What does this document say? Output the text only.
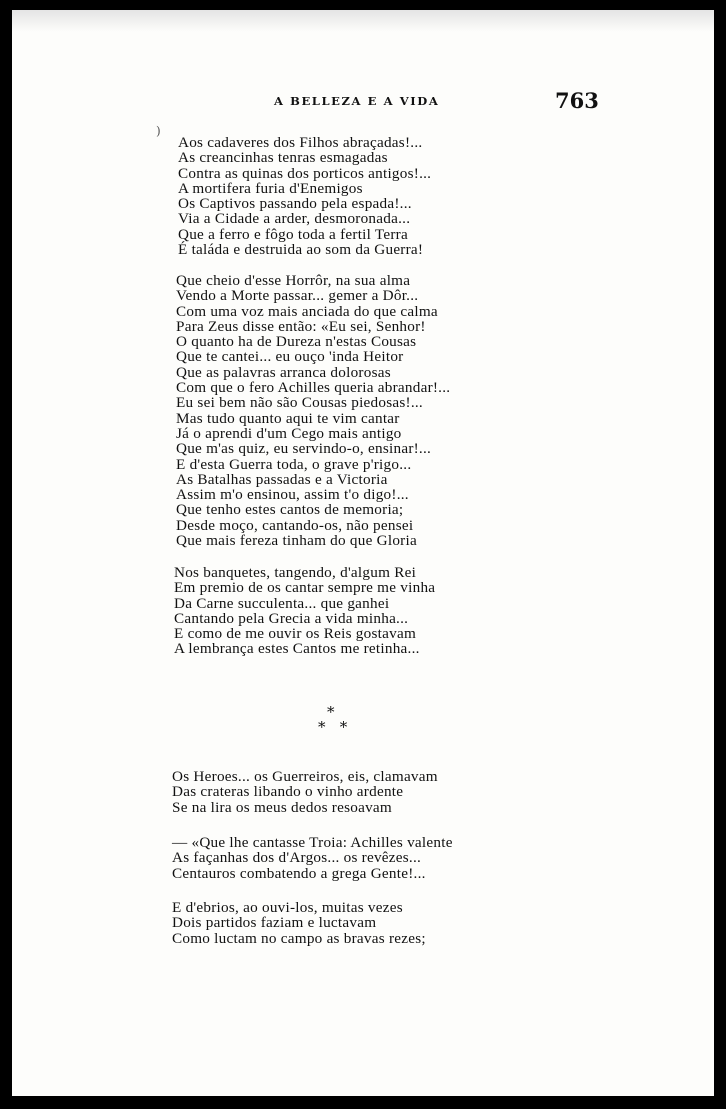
A BELLEZA E A VIDA	763
)
Aos cadaveres dos Filhos abraçadas!...
As creancinhas tenras esmagadas
Contra as quinas dos porticos antigos!...
A mortifera furia d'Enemigos
Os Captivos passando pela espada!...
Via a Cidade a arder, desmoronada...
Que a ferro e fôgo toda a fertil Terra
É taláda e destruida ao som da Guerra!
Que cheio d'esse Horrôr, na sua alma
Vendo a Morte passar... gemer a Dôr...
Com uma voz mais anciada do que calma
Para Zeus disse então: «Eu sei, Senhor!
O quanto ha de Dureza n'estas Cousas
Que te cantei... eu ouço 'inda Heitor
Que as palavras arranca dolorosas
Com que o fero Achilles queria abrandar!...
Eu sei bem não são Cousas piedosas!...
Mas tudo quanto aqui te vim cantar
Já o aprendi d'um Cego mais antigo
Que m'as quiz, eu servindo-o, ensinar!...
E d'esta Guerra toda, o grave p'rigo...
As Batalhas passadas e a Victoria
Assim m'o ensinou, assim t'o digo!...
Que tenho estes cantos de memoria;
Desde moço, cantando-os, não pensei
Que mais fereza tinham do que Gloria
Nos banquetes, tangendo, d'algum Rei
Em premio de os cantar sempre me vinha
Da Carne succulenta... que ganhei
Cantando pela Grecia a vida minha...
E como de me ouvir os Reis gostavam
A lembrança estes Cantos me retinha...
*
*   *
Os Heroes... os Guerreiros, eis, clamavam
Das crateras libando o vinho ardente
Se na lira os meus dedos resoavam
— «Que lhe cantasse Troia: Achilles valente
As façanhas dos d'Argos... os revêzes...
Centauros combatendo a grega Gente!...
E d'ebrios, ao ouvi-los, muitas vezes
Dois partidos faziam e luctavam
Como luctam no campo as bravas rezes;
